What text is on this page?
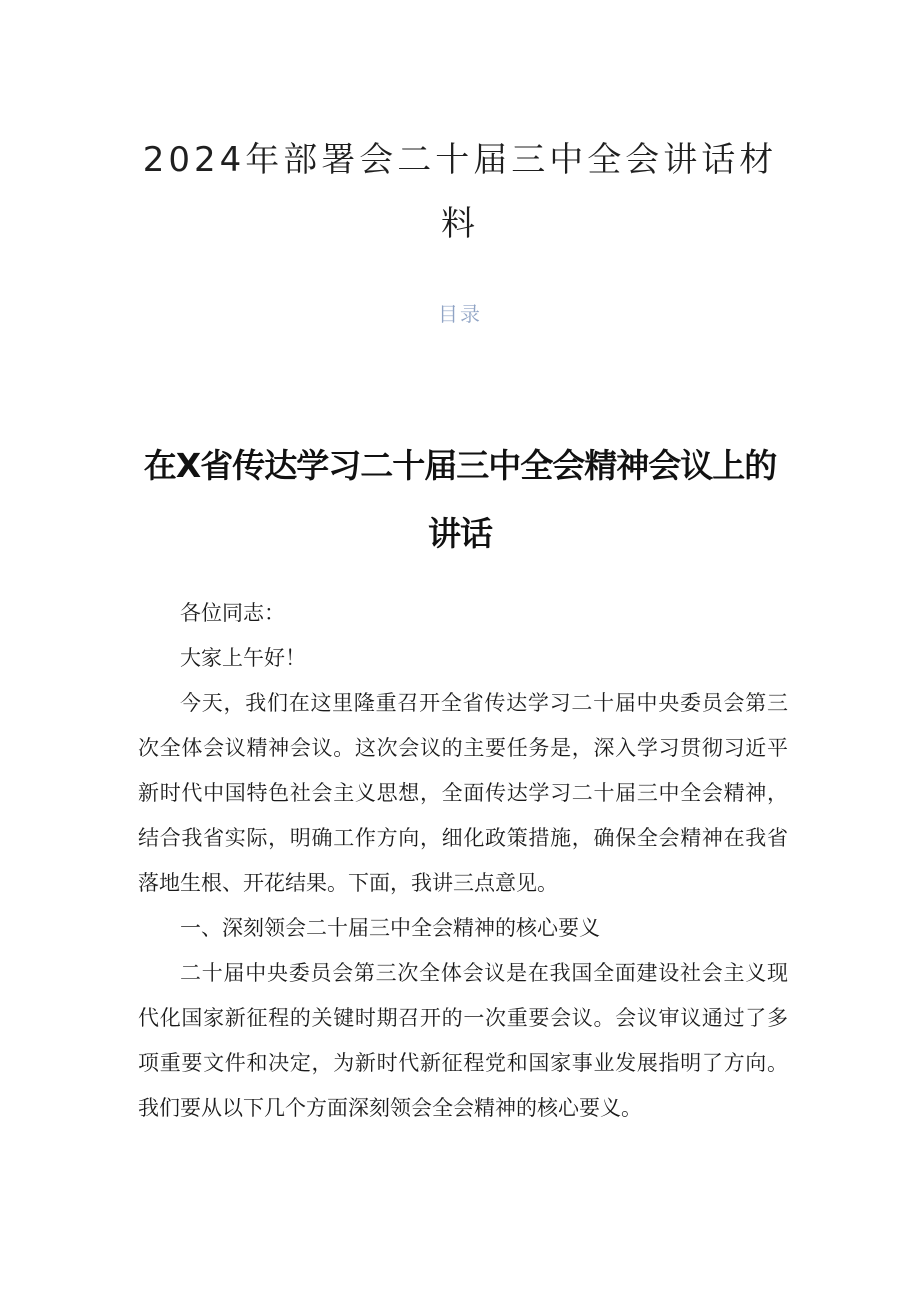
2024年部署会二十届三中全会讲话材料
目录
在X省传达学习二十届三中全会精神会议上的讲话

各位同志：

大家上午好！

今天，我们在这里隆重召开全省传达学习二十届中央委员会第三次全体会议精神会议。这次会议的主要任务是，深入学习贯彻习近平新时代中国特色社会主义思想，全面传达学习二十届三中全会精神，结合我省实际，明确工作方向，细化政策措施，确保全会精神在我省落地生根、开花结果。下面，我讲三点意见。

一、深刻领会二十届三中全会精神的核心要义

二十届中央委员会第三次全体会议是在我国全面建设社会主义现代化国家新征程的关键时期召开的一次重要会议。会议审议通过了多项重要文件和决定，为新时代新征程党和国家事业发展指明了方向。我们要从以下几个方面深刻领会全会精神的核心要义。
